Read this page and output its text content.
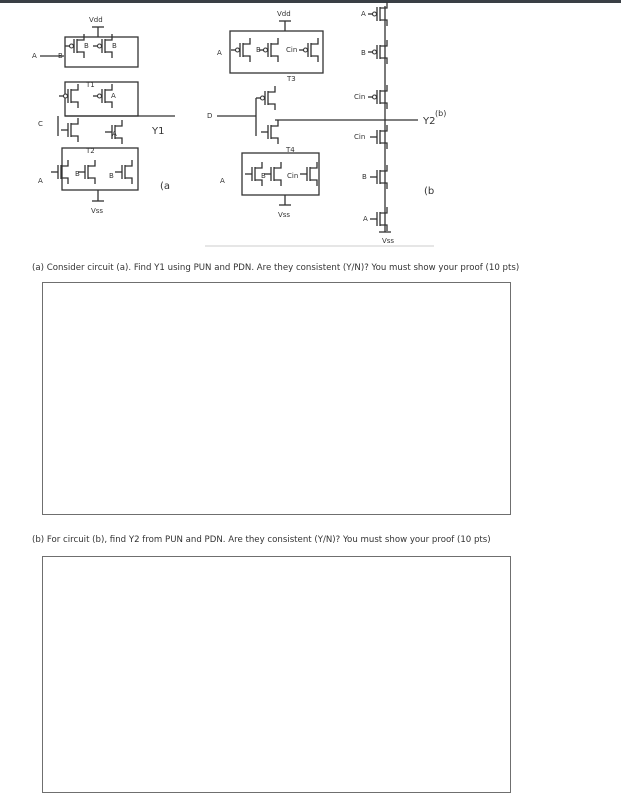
Vdd
A	B
B	B
T1
A
C
Y1
A
T2
A
B	B
(a
Vss
Vdd
A	B	Cin
T3
D
T4
A
B	Cin
Vss
A
B
Cin
Cin
B
A
Vss
Y2
(b)
(b
(a) Consider circuit (a). Find Y1 using PUN and PDN. Are they consistent (Y/N)? You must show your proof (10 pts)
(b) For circuit (b), find Y2 from PUN and PDN. Are they consistent (Y/N)? You must show your proof (10 pts)
